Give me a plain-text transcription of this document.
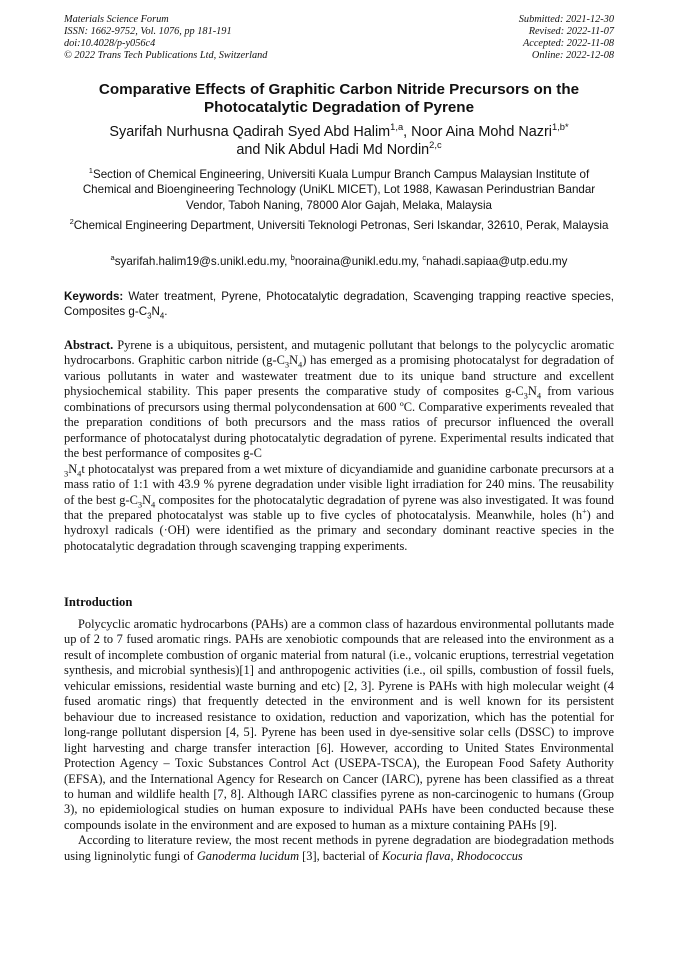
Materials Science Forum
ISSN: 1662-9752, Vol. 1076, pp 181-191
doi:10.4028/p-y056c4
© 2022 Trans Tech Publications Ltd, Switzerland
Submitted: 2021-12-30
Revised: 2022-11-07
Accepted: 2022-11-08
Online: 2022-12-08
Comparative Effects of Graphitic Carbon Nitride Precursors on the
Photocatalytic Degradation of Pyrene
Syarifah Nurhusna Qadirah Syed Abd Halim$^{1,a}$, Noor Aina Mohd Nazri$^{1,b*}$
and Nik Abdul Hadi Md Nordin$^{2,c}$
$^1$Section of Chemical Engineering, Universiti Kuala Lumpur Branch Campus Malaysian Institute of Chemical and Bioengineering Technology (UniKL MICET), Lot 1988, Kawasan Perindustrian Bandar Vendor, Taboh Naning, 78000 Alor Gajah, Melaka, Malaysia
$^2$Chemical Engineering Department, Universiti Teknologi Petronas, Seri Iskandar, 32610, Perak, Malaysia
$^a$syarifah.halim19@s.unikl.edu.my, $^b$nooraina@unikl.edu.my, $^c$nahadi.sapiaa@utp.edu.my
Keywords: Water treatment, Pyrene, Photocatalytic degradation, Scavenging trapping reactive species, Composites $g-C_3N_4$.
Abstract. Pyrene is a ubiquitous, persistent, and mutagenic pollutant that belongs to the polycyclic aromatic hydrocarbons. Graphitic carbon nitride $(g-C_3N_4)$ has emerged as a promising photocatalyst for degradation of various pollutants in water and wastewater treatment due to its unique band structure and excellent physiochemical stability. This paper presents the comparative study of composites $g-C_3N_4$ from various combinations of precursors using thermal polycondensation at 600 ºC. Comparative experiments revealed that the preparation conditions of both precursors and the mass ratios of precursor influenced the overall performance of photocatalyst during photocatalytic degradation of pyrene. Experimental results indicated that the best performance of composites g-C
$_3N_4t$ photocatalyst was prepared from a wet mixture of dicyandiamide and guanidine carbonate precursors at a mass ratio of 1:1 with 43.9 % pyrene degradation under visible light irradiation for 240 mins. The reusability of the best $g-C_3N_4$ composites for the photocatalytic degradation of pyrene was also investigated. It was found that the prepared photocatalyst was stable up to five cycles of photocatalysis. Meanwhile, holes (h+) and hydroxyl radicals (·OH) were identified as the primary and secondary dominant reactive species in the photocatalytic degradation through scavenging trapping experiments.
Introduction

Polycyclic aromatic hydrocarbons (PAHs) are a common class of hazardous environmental pollutants made up of 2 to 7 fused aromatic rings. PAHs are xenobiotic compounds that are released into the environment as a result of incomplete combustion of organic material from natural (i.e., volcanic eruptions, terrestrial vegetation synthesis, and microbial synthesis)[1] and anthropogenic activities (i.e., oil spills, combustion of fossil fuels, vehicular emissions, residential waste burning and etc) [2, 3]. Pyrene is PAHs with high molecular weight (4 fused aromatic rings) that frequently detected in the environment and is well known for its persistent behaviour due to increased resistance to oxidation, reduction and vaporization, which has the potential for long-range pollutant dispersion [4, 5]. Pyrene has been used in dye-sensitive solar cells (DSSC) to improve light harvesting and charge transfer interaction [6]. However, according to United States Environmental Protection Agency – Toxic Substances Control Act (USEPA-TSCA), the European Food Safety Authority (EFSA), and the International Agency for Research on Cancer (IARC), pyrene has been classified as a threat to human and wildlife health [7, 8]. Although IARC classifies pyrene as non-carcinogenic to humans (Group 3), no epidemiological studies on human exposure to individual PAHs have been conducted because these compounds isolate in the environment and are exposed to human as a mixture containing PAHs [9].

According to literature review, the most recent methods in pyrene degradation are biodegradation methods using ligninolytic fungi of Ganoderma lucidum [3], bacterial of Kocuria flava, Rhodococcus
